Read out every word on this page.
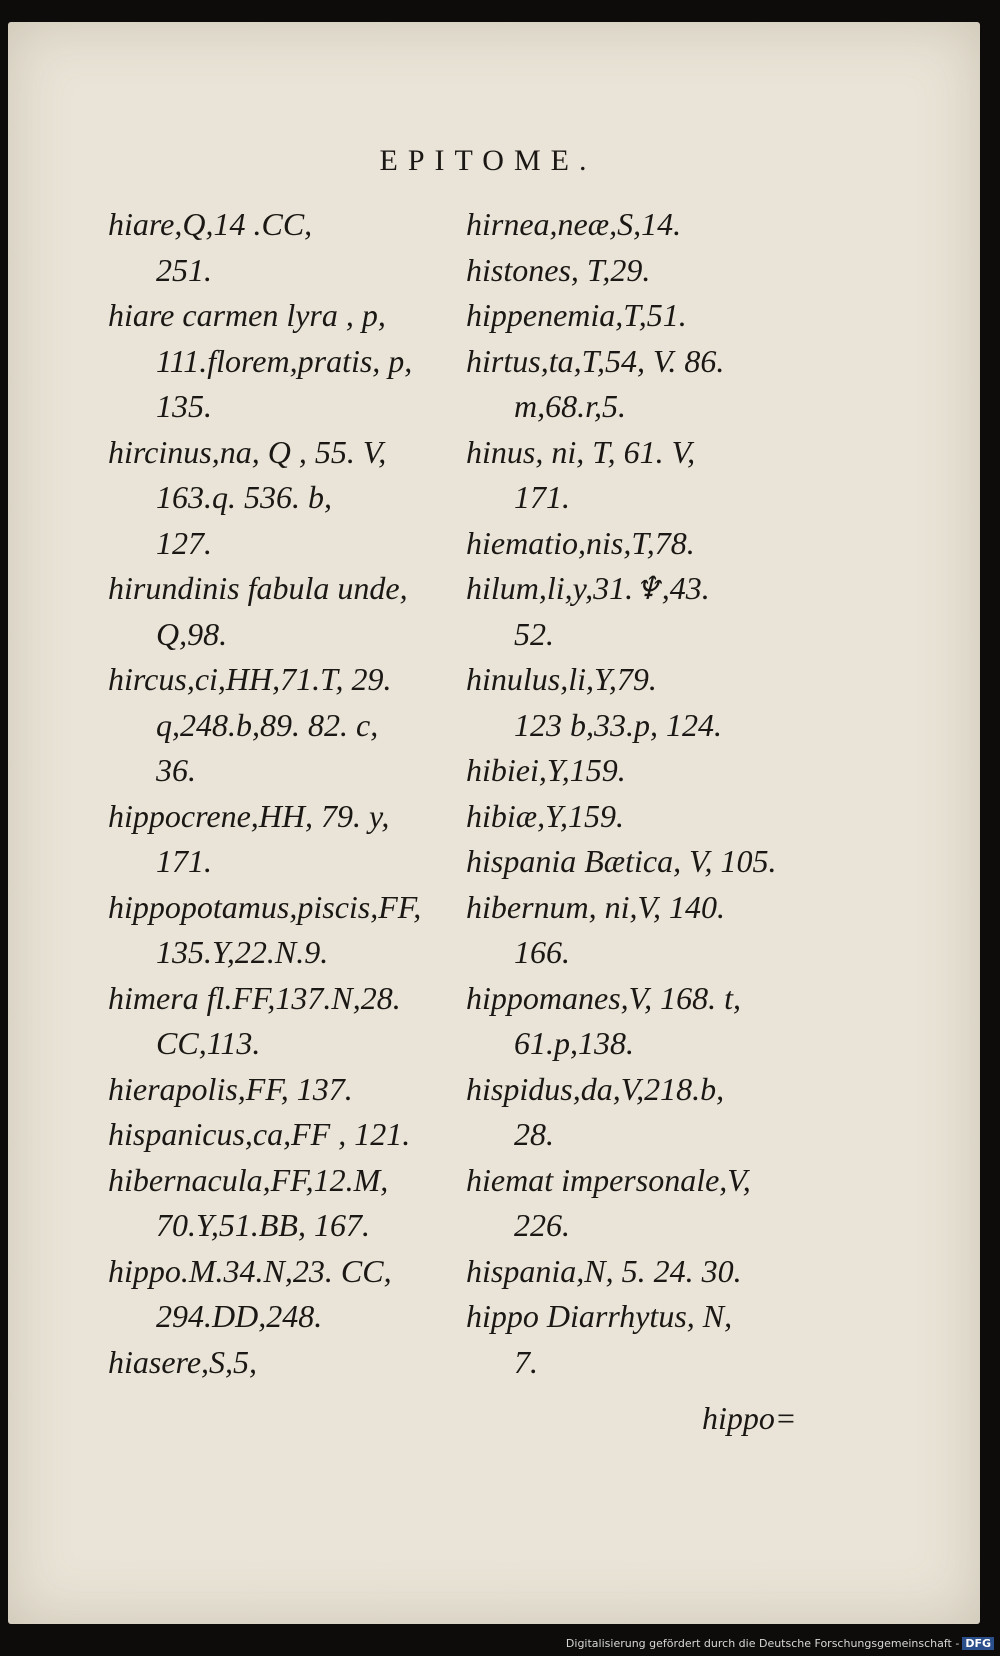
EPITOME.
hiare,Q,14 .CC,

251.
hiare carmen lyra , p,

111.florem,pratis, p,
135.
hircinus,na, Q , 55. V,

163.q. 536. b,
127.
hirundinis fabula unde,

Q,98.
hircus,ci,HH,71.T, 29.

q,248.b,89. 82. c,
36.
hippocrene,HH, 79. y,

171.
hippopotamus,piscis,FF,

135.Y,22.N.9.
himera fl.FF,137.N,28.

CC,113.
hierapolis,FF, 137.
hispanicus,ca,FF , 121.
hibernacula,FF,12.M,

70.Y,51.BB, 167.
hippo.M.34.N,23. CC,

294.DD,248.
hiasere,S,5,
hirnea,neæ,S,14.
histones, T,29.
hippenemia,T,51.
hirtus,ta,T,54, V. 86.

m,68.r,5.
hinus, ni, T, 61. V,

171.
hiematio,nis,T,78.
hilum,li,y,31.♆,43.

52.
hinulus,li,Y,79.

123 b,33.p, 124.
hibiei,Y,159.
hibiæ,Y,159.
hispania Bætica, V, 105.
hibernum, ni,V, 140.

166.
hippomanes,V, 168. t,

61.p,138.
hispidus,da,V,218.b,

28.
hiemat impersonale,V,

226.
hispania,N, 5. 24. 30.
hippo Diarrhytus, N,

7.
hippo=
Digitalisierung gefördert durch die Deutsche Forschungsgemeinschaft - DFG
